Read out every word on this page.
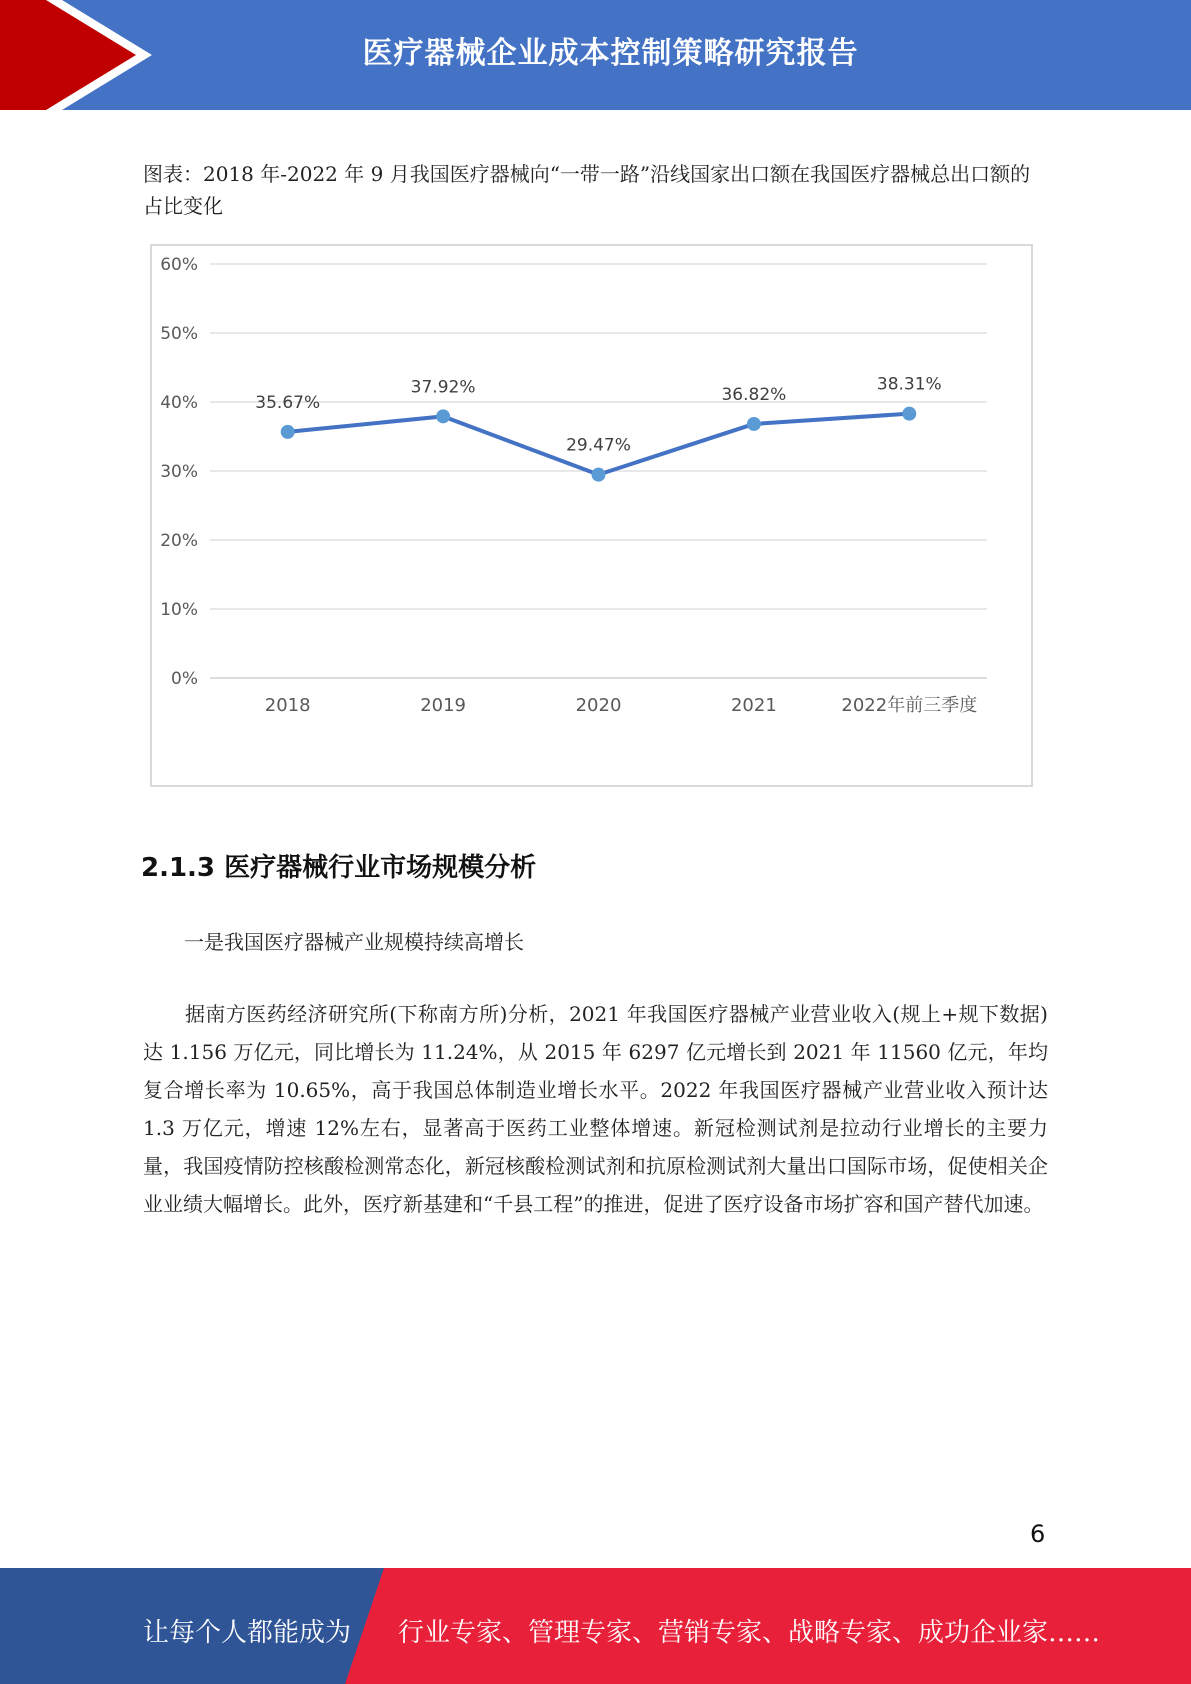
医疗器械企业成本控制策略研究报告
图表：2018 年-2022 年 9 月我国医疗器械向“一带一路”沿线国家出口额在我国医疗器械总出口额的占比变化
0%
10%
20%
30%
40%
50%
60%
2018	2019	2020	2021	2022年前三季度
35.67%
37.92%
29.47%
36.82%
38.31%
2.1.3 医疗器械行业市场规模分析
一是我国医疗器械产业规模持续高增长
据南方医药经济研究所(下称南方所)分析，2021 年我国医疗器械产业营业收入(规上+规下数据)达 1.156 万亿元，同比增长为 11.24%，从 2015 年 6297 亿元增长到 2021 年 11560 亿元，年均复合增长率为 10.65%，高于我国总体制造业增长水平。2022 年我国医疗器械产业营业收入预计达 1.3 万亿元，增速 12%左右，显著高于医药工业整体增速。新冠检测试剂是拉动行业增长的主要力量，我国疫情防控核酸检测常态化，新冠核酸检测试剂和抗原检测试剂大量出口国际市场，促使相关企业业绩大幅增长。此外，医疗新基建和“千县工程”的推进，促进了医疗设备市场扩容和国产替代加速。
6
让每个人都能成为 行业专家、管理专家、营销专家、战略专家、成功企业家……
